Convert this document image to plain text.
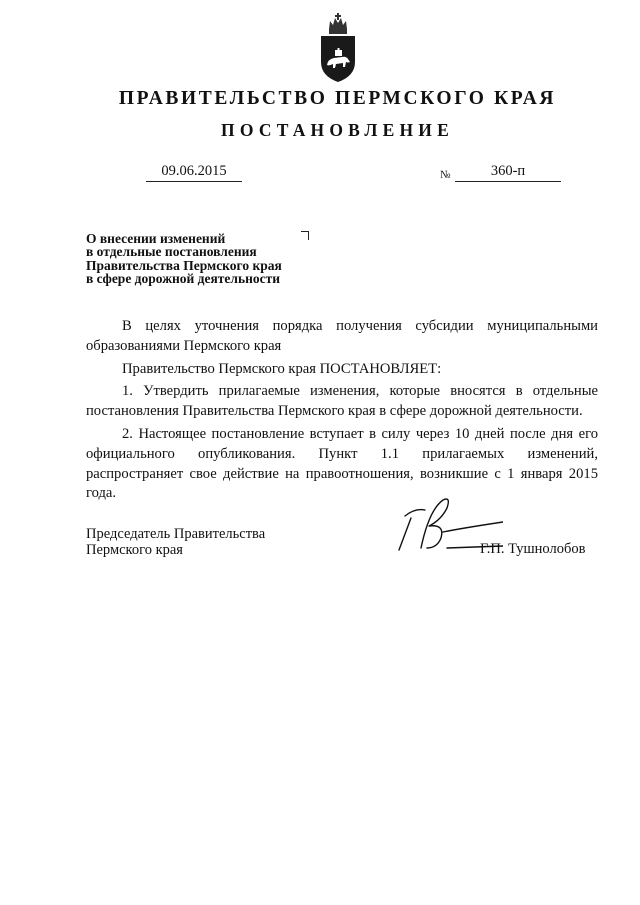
ПРАВИТЕЛЬСТВО ПЕРМСКОГО КРАЯ
ПОСТАНОВЛЕНИЕ
09.06.2015	№	360-п
О внесении изменений
в отдельные постановления
Правительства Пермского края
в сфере дорожной деятельности

В целях уточнения порядка получения субсидии муниципальными образованиями Пермского края

Правительство Пермского края ПОСТАНОВЛЯЕТ:

1. Утвердить прилагаемые изменения, которые вносятся в отдельные постановления Правительства Пермского края в сфере дорожной деятельности.

2. Настоящее постановление вступает в силу через 10 дней после дня его официального опубликования. Пункт 1.1 прилагаемых изменений, распространяет свое действие на правоотношения, возникшие с 1 января 2015 года.

Председатель Правительства
Пермского края	Г.П. Тушнолобов
